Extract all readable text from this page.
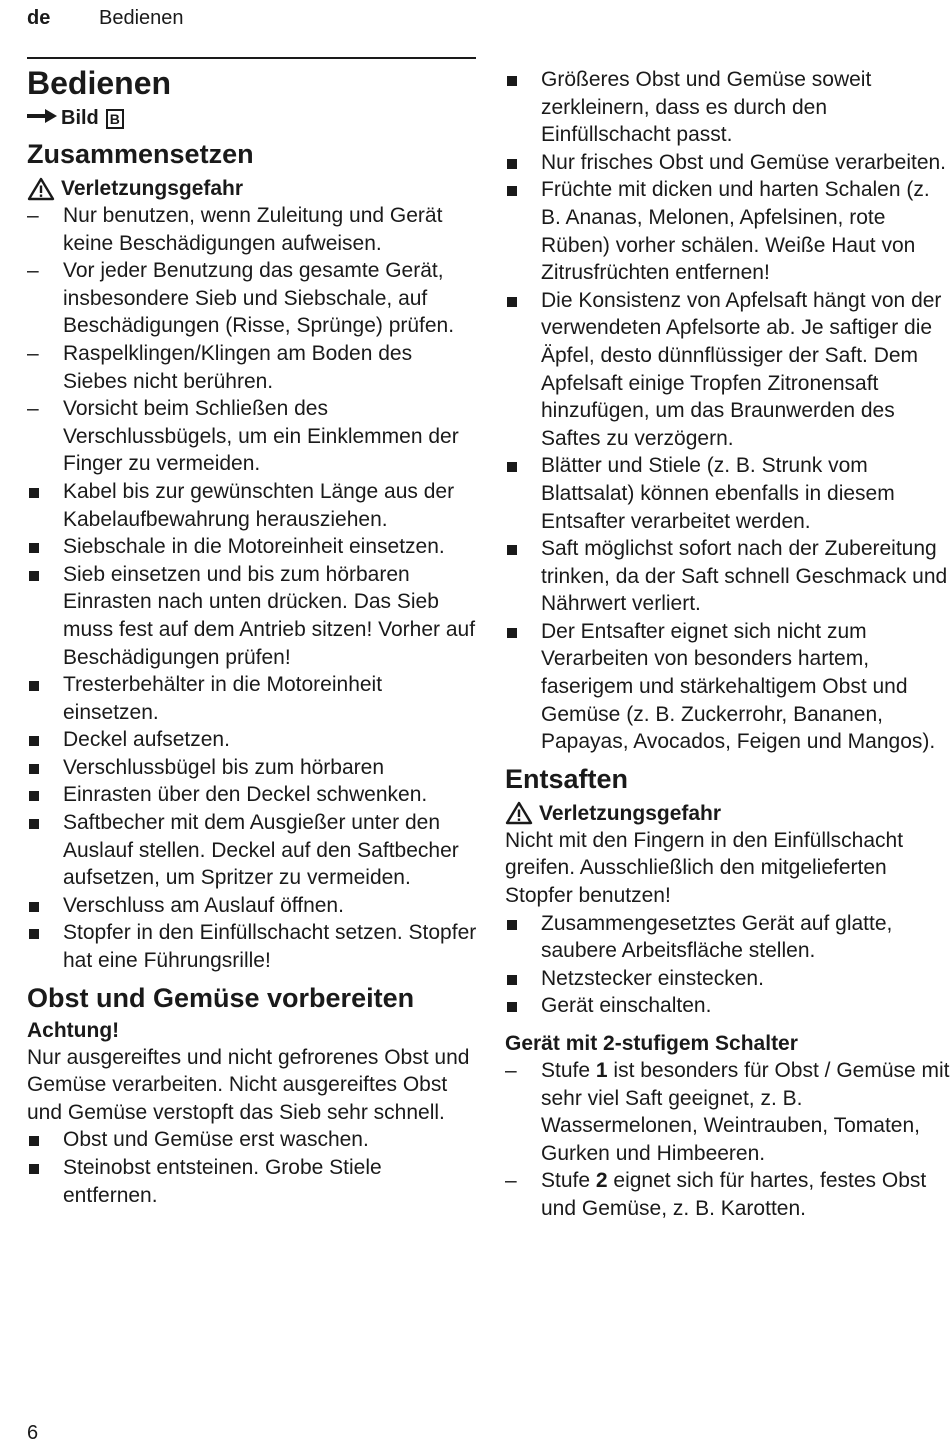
de Bedienen
Bedienen
Bild B
Zusammensetzen
Verletzungsgefahr
–	Nur benutzen, wenn Zuleitung und Gerät keine Beschädigungen aufweisen.
–	Vor jeder Benutzung das gesamte Gerät, insbesondere Sieb und Siebschale, auf Beschädigungen (Risse, Sprünge) prüfen.
–	Raspelklingen/Klingen am Boden des Siebes nicht berühren.
–	Vorsicht beim Schließen des Verschlussbügels, um ein Einklemmen der Finger zu vermeiden.
Kabel bis zur gewünschten Länge aus der Kabelaufbewahrung herausziehen.
Siebschale in die Motoreinheit einsetzen.
Sieb einsetzen und bis zum hörbaren Einrasten nach unten drücken. Das Sieb muss fest auf dem Antrieb sitzen! Vorher auf Beschädigungen prüfen!
Tresterbehälter in die Motoreinheit einsetzen.
Deckel aufsetzen.
Verschlussbügel bis zum hörbaren
Einrasten über den Deckel schwenken.
Saftbecher mit dem Ausgießer unter den Auslauf stellen. Deckel auf den Saftbecher aufsetzen, um Spritzer zu vermeiden.
Verschluss am Auslauf öffnen.
Stopfer in den Einfüllschacht setzen. Stopfer hat eine Führungsrille!
Obst und Gemüse vorbereiten
Achtung!

Nur ausgereiftes und nicht gefrorenes Obst und Gemüse verarbeiten. Nicht ausgereiftes Obst und Gemüse verstopft das Sieb sehr schnell.

Obst und Gemüse erst waschen.
Steinobst entsteinen. Grobe Stiele entfernen.
Größeres Obst und Gemüse soweit zerkleinern, dass es durch den Einfüllschacht passt.
Nur frisches Obst und Gemüse verarbeiten.
Früchte mit dicken und harten Schalen (z. B. Ananas, Melonen, Apfelsinen, rote Rüben) vorher schälen. Weiße Haut von Zitrusfrüchten entfernen!
Die Konsistenz von Apfelsaft hängt von der verwendeten Apfelsorte ab. Je saftiger die Äpfel, desto dünnflüssiger der Saft. Dem Apfelsaft einige Tropfen Zitronensaft hinzufügen, um das Braunwerden des Saftes zu verzögern.
Blätter und Stiele (z. B. Strunk vom Blattsalat) können ebenfalls in diesem Entsafter verarbeitet werden.
Saft möglichst sofort nach der Zubereitung trinken, da der Saft schnell Geschmack und Nährwert verliert.
Der Entsafter eignet sich nicht zum Verarbeiten von besonders hartem, faserigem und stärkehaltigem Obst und Gemüse (z. B. Zuckerrohr, Bananen, Papayas, Avocados, Feigen und Mangos).
Entsaften
Verletzungsgefahr

Nicht mit den Fingern in den Einfüllschacht greifen. Ausschließlich den mitgelieferten Stopfer benutzen!

Zusammengesetztes Gerät auf glatte, saubere Arbeitsfläche stellen.
Netzstecker einstecken.
Gerät einschalten.
Gerät mit 2-stufigem Schalter
–	Stufe 1 ist besonders für Obst / Gemüse mit sehr viel Saft geeignet, z. B. Wassermelonen, Weintrauben, Tomaten, Gurken und Himbeeren.
–	Stufe 2 eignet sich für hartes, festes Obst und Gemüse, z. B. Karotten.
6
